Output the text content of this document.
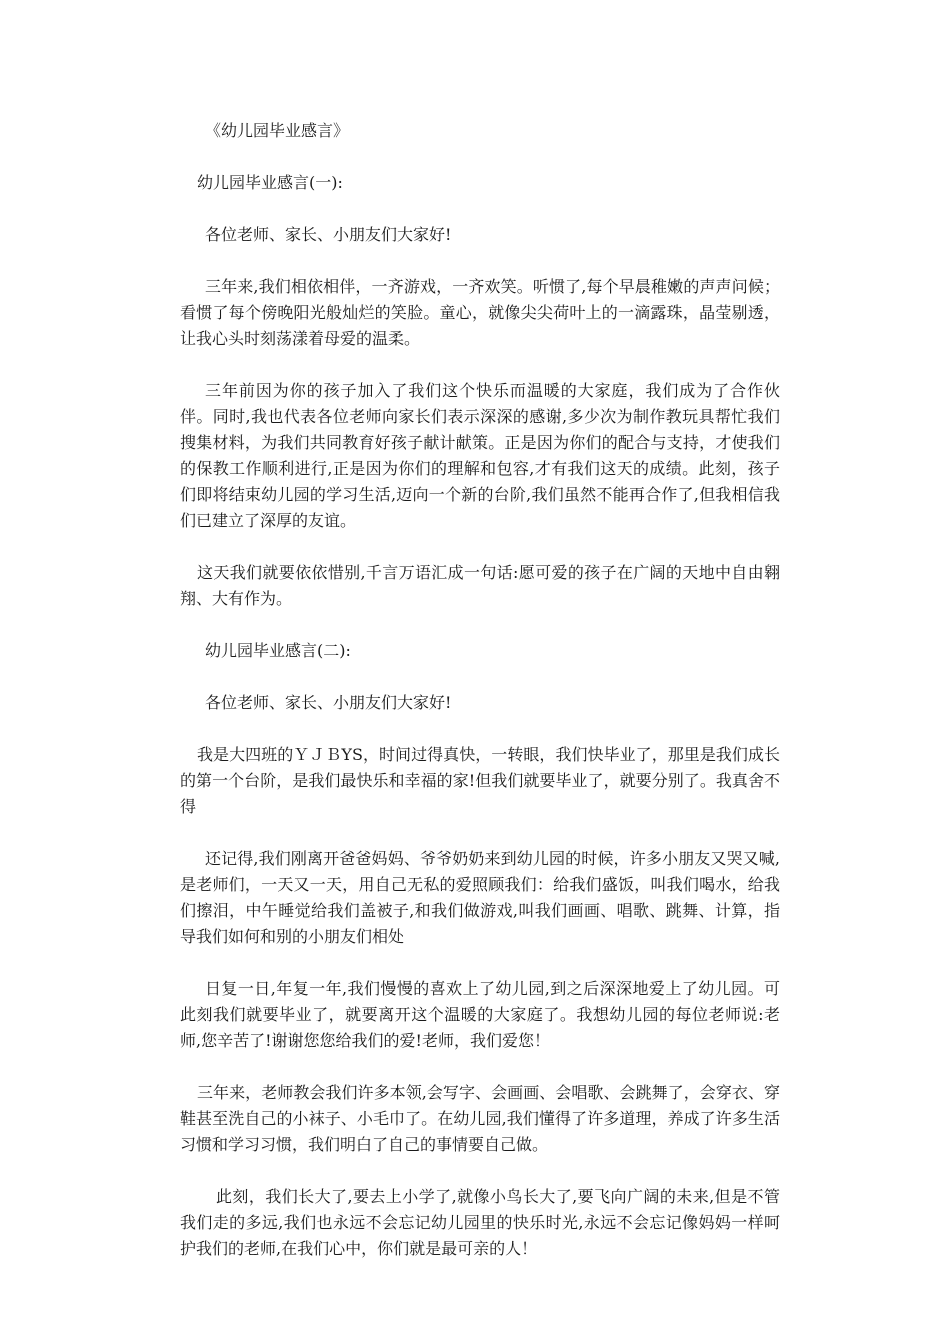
《幼儿园毕业感言》

幼儿园毕业感言(一):

各位老师、家长、小朋友们大家好!

三年来,我们相依相伴，一齐游戏，一齐欢笑。听惯了,每个早晨稚嫩的声声问候；看惯了每个傍晚阳光般灿烂的笑脸。童心，就像尖尖荷叶上的一滴露珠，晶莹剔透，让我心头时刻荡漾着母爱的温柔。

三年前因为你的孩子加入了我们这个快乐而温暖的大家庭，我们成为了合作伙伴。同时,我也代表各位老师向家长们表示深深的感谢,多少次为制作教玩具帮忙我们搜集材料，为我们共同教育好孩子献计献策。正是因为你们的配合与支持，才使我们的保教工作顺利进行,正是因为你们的理解和包容,才有我们这天的成绩。此刻，孩子们即将结束幼儿园的学习生活,迈向一个新的台阶,我们虽然不能再合作了,但我相信我们已建立了深厚的友谊。

这天我们就要依依惜别,千言万语汇成一句话:愿可爱的孩子在广阔的天地中自由翱翔、大有作为。

幼儿园毕业感言(二):

各位老师、家长、小朋友们大家好!

我是大四班的ＹＪＢYS，时间过得真快，一转眼，我们快毕业了，那里是我们成长的第一个台阶，是我们最快乐和幸福的家!但我们就要毕业了，就要分别了。我真舍不得

还记得,我们刚离开爸爸妈妈、爷爷奶奶来到幼儿园的时候，许多小朋友又哭又喊,是老师们，一天又一天，用自己无私的爱照顾我们：给我们盛饭，叫我们喝水，给我们擦泪，中午睡觉给我们盖被子,和我们做游戏,叫我们画画、唱歌、跳舞、计算，指导我们如何和别的小朋友们相处

日复一日,年复一年,我们慢慢的喜欢上了幼儿园,到之后深深地爱上了幼儿园。可此刻我们就要毕业了，就要离开这个温暖的大家庭了。我想幼儿园的每位老师说:老师,您辛苦了!谢谢您您给我们的爱!老师，我们爱您！

三年来，老师教会我们许多本领,会写字、会画画、会唱歌、会跳舞了，会穿衣、穿鞋甚至洗自己的小袜子、小毛巾了。在幼儿园,我们懂得了许多道理，养成了许多生活习惯和学习习惯，我们明白了自己的事情要自己做。

此刻，我们长大了,要去上小学了,就像小鸟长大了,要飞向广阔的未来,但是不管我们走的多远,我们也永远不会忘记幼儿园里的快乐时光,永远不会忘记像妈妈一样呵护我们的老师,在我们心中，你们就是最可亲的人！
